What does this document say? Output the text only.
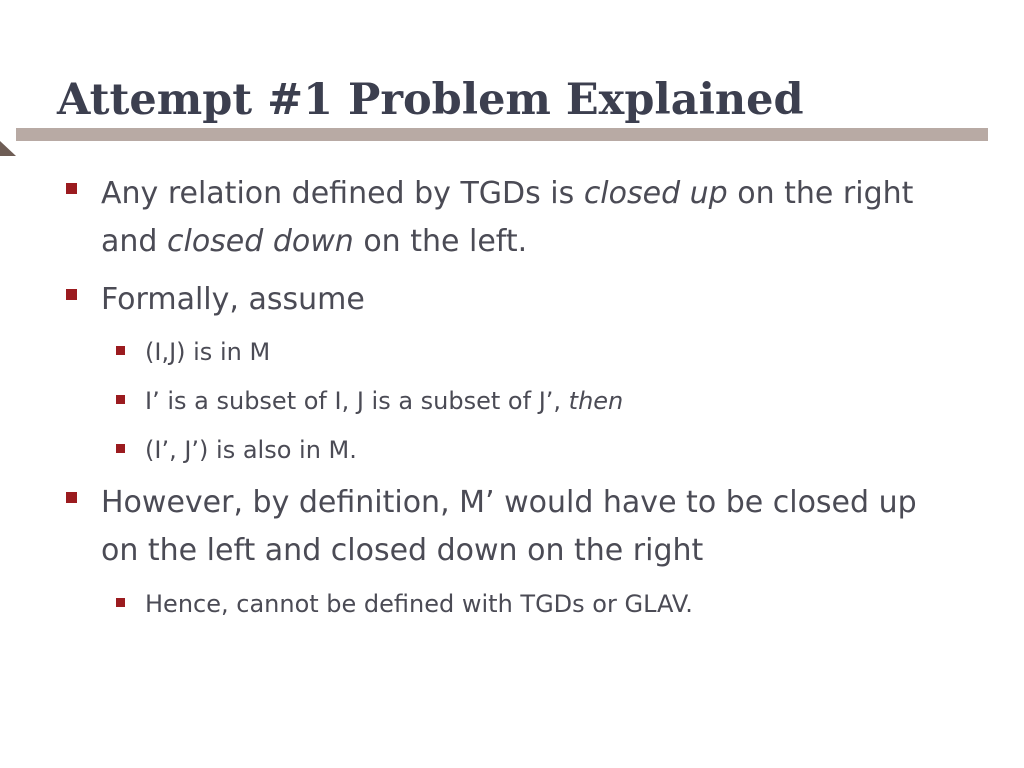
Attempt #1 Problem Explained

Any relation defined by TGDs is closed up on the right and closed down on the left.

Formally, assume

(I,J) is in M

I’ is a subset of I, J is a subset of J’, then

(I’, J’) is also in M.

However, by definition, M’ would have to be closed up on the left and closed down on the right

Hence, cannot be defined with TGDs or GLAV.
